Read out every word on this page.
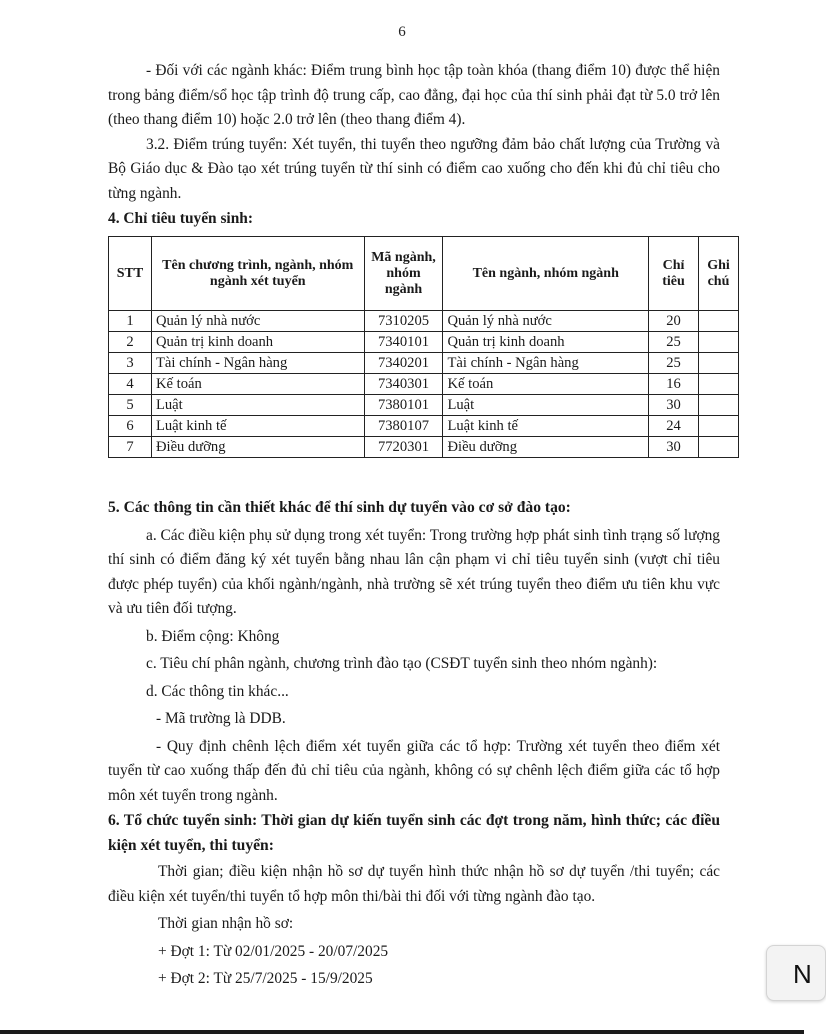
6

- Đối với các ngành khác: Điểm trung bình học tập toàn khóa (thang điểm 10) được thể hiện trong bảng điểm/sổ học tập trình độ trung cấp, cao đẳng, đại học của thí sinh phải đạt từ 5.0 trở lên (theo thang điểm 10) hoặc 2.0 trở lên (theo thang điểm 4).

3.2. Điểm trúng tuyển: Xét tuyển, thi tuyển theo ngưỡng đảm bảo chất lượng của Trường và Bộ Giáo dục & Đào tạo xét trúng tuyển từ thí sinh có điểm cao xuống cho đến khi đủ chỉ tiêu cho từng ngành.

4. Chỉ tiêu tuyển sinh:

STT	Tên chương trình, ngành, nhóm ngành xét tuyển	Mã ngành, nhóm ngành	Tên ngành, nhóm ngành	Chỉ tiêu	Ghi chú
1	Quản lý nhà nước	7310205	Quản lý nhà nước	20	
2	Quản trị kinh doanh	7340101	Quản trị kinh doanh	25	
3	Tài chính - Ngân hàng	7340201	Tài chính - Ngân hàng	25	
4	Kế toán	7340301	Kế toán	16	
5	Luật	7380101	Luật	30	
6	Luật kinh tế	7380107	Luật kinh tế	24	
7	Điều dưỡng	7720301	Điều dưỡng	30	

5. Các thông tin cần thiết khác để thí sinh dự tuyển vào cơ sở đào tạo:

a. Các điều kiện phụ sử dụng trong xét tuyển: Trong trường hợp phát sinh tình trạng số lượng thí sinh có điểm đăng ký xét tuyển bằng nhau lân cận phạm vi chỉ tiêu tuyển sinh (vượt chỉ tiêu được phép tuyển) của khối ngành/ngành, nhà trường sẽ xét trúng tuyển theo điểm ưu tiên khu vực và ưu tiên đối tượng.

b. Điểm cộng: Không

c. Tiêu chí phân ngành, chương trình đào tạo (CSĐT tuyển sinh theo nhóm ngành):

d. Các thông tin khác...

- Mã trường là DDB.

- Quy định chênh lệch điểm xét tuyển giữa các tổ hợp: Trường xét tuyển theo điểm xét tuyển từ cao xuống thấp đến đủ chỉ tiêu của ngành, không có sự chênh lệch điểm giữa các tổ hợp môn xét tuyển trong ngành.

6. Tổ chức tuyển sinh: Thời gian dự kiến tuyển sinh các đợt trong năm, hình thức; các điều kiện xét tuyển, thi tuyển:

Thời gian; điều kiện nhận hồ sơ dự tuyển hình thức nhận hồ sơ dự tuyển /thi tuyển; các điều kiện xét tuyển/thi tuyển tổ hợp môn thi/bài thi đối với từng ngành đào tạo.

Thời gian nhận hồ sơ:

+ Đợt 1: Từ 02/01/2025 - 20/07/2025

+ Đợt 2: Từ 25/7/2025 - 15/9/2025	N
